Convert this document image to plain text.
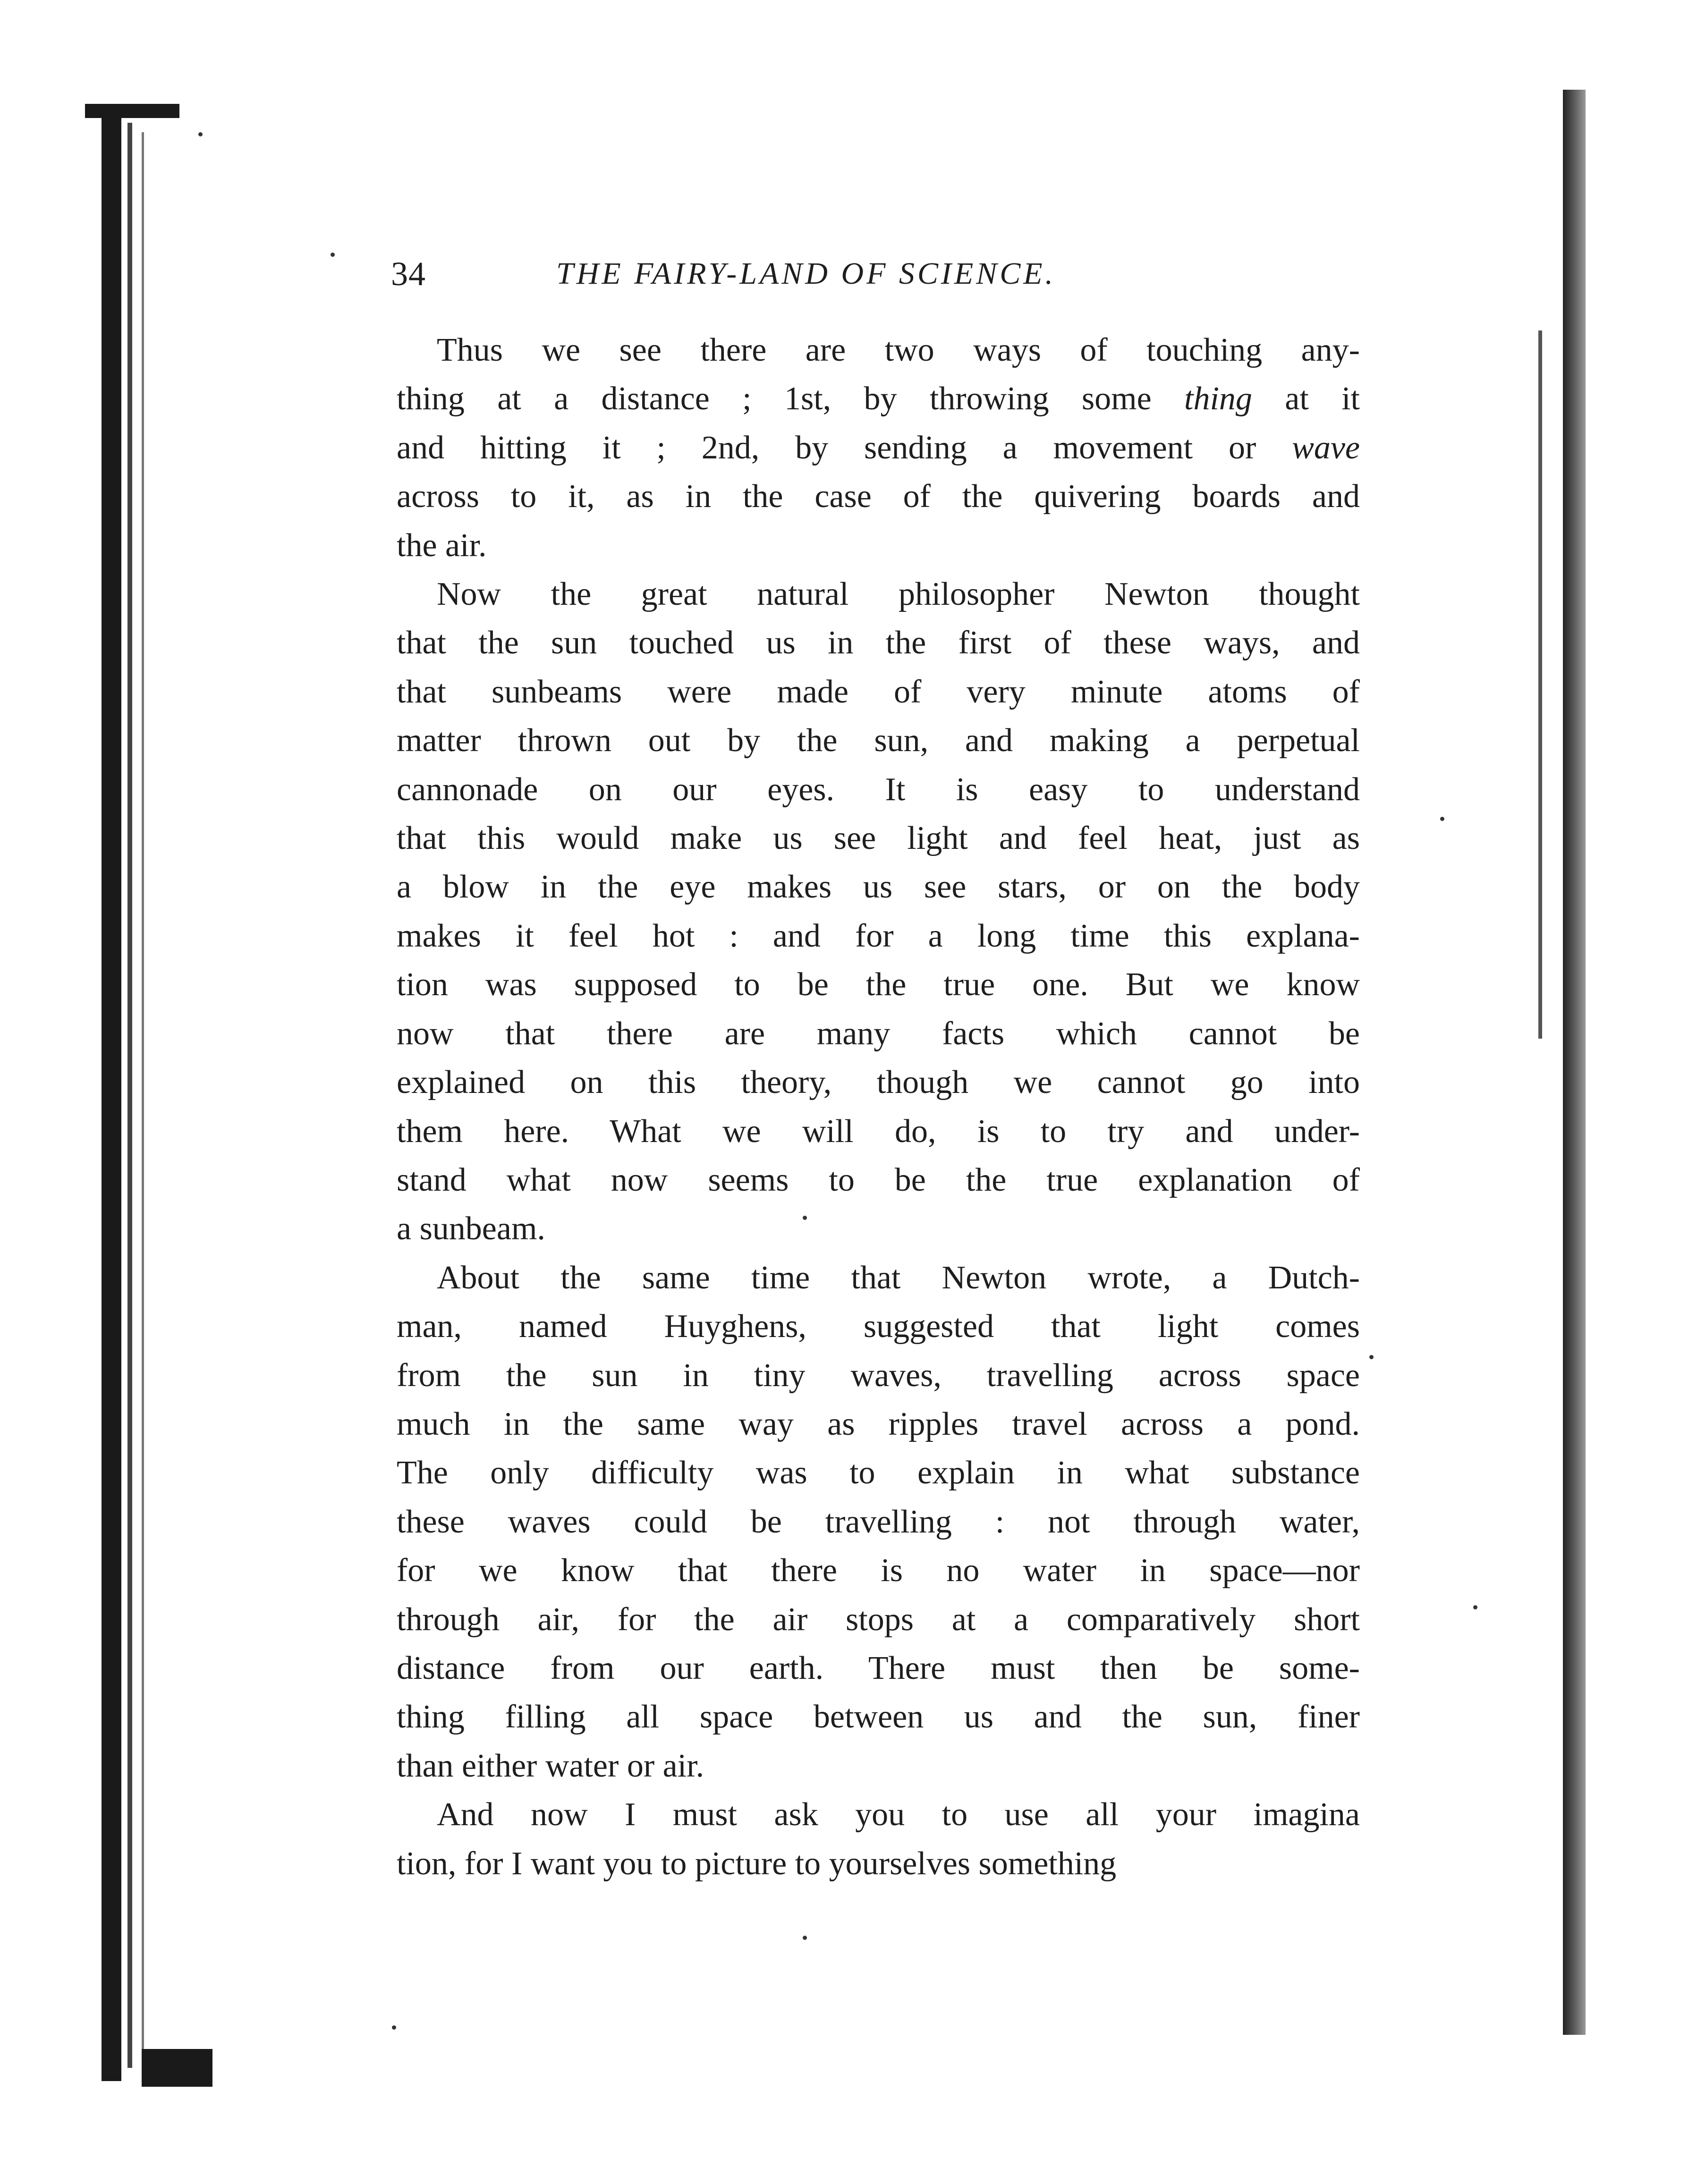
34	THE FAIRY-LAND OF SCIENCE.
Thus we see there are two ways of touching any-
thing at a distance ; 1st, by throwing some thing at it
and hitting it ; 2nd, by sending a movement or wave
across to it, as in the case of the quivering boards and
the air.
Now the great natural philosopher Newton thought
that the sun touched us in the first of these ways, and
that sunbeams were made of very minute atoms of
matter thrown out by the sun, and making a perpetual
cannonade on our eyes. It is easy to understand
that this would make us see light and feel heat, just as
a blow in the eye makes us see stars, or on the body
makes it feel hot : and for a long time this explana-
tion was supposed to be the true one. But we know
now that there are many facts which cannot be
explained on this theory, though we cannot go into
them here. What we will do, is to try and under-
stand what now seems to be the true explanation of
a sunbeam.
About the same time that Newton wrote, a Dutch-
man, named Huyghens, suggested that light comes
from the sun in tiny waves, travelling across space
much in the same way as ripples travel across a pond.
The only difficulty was to explain in what substance
these waves could be travelling : not through water,
for we know that there is no water in space—nor
through air, for the air stops at a comparatively short
distance from our earth. There must then be some-
thing filling all space between us and the sun, finer
than either water or air.
And now I must ask you to use all your imagina
tion, for I want you to picture to yourselves something
